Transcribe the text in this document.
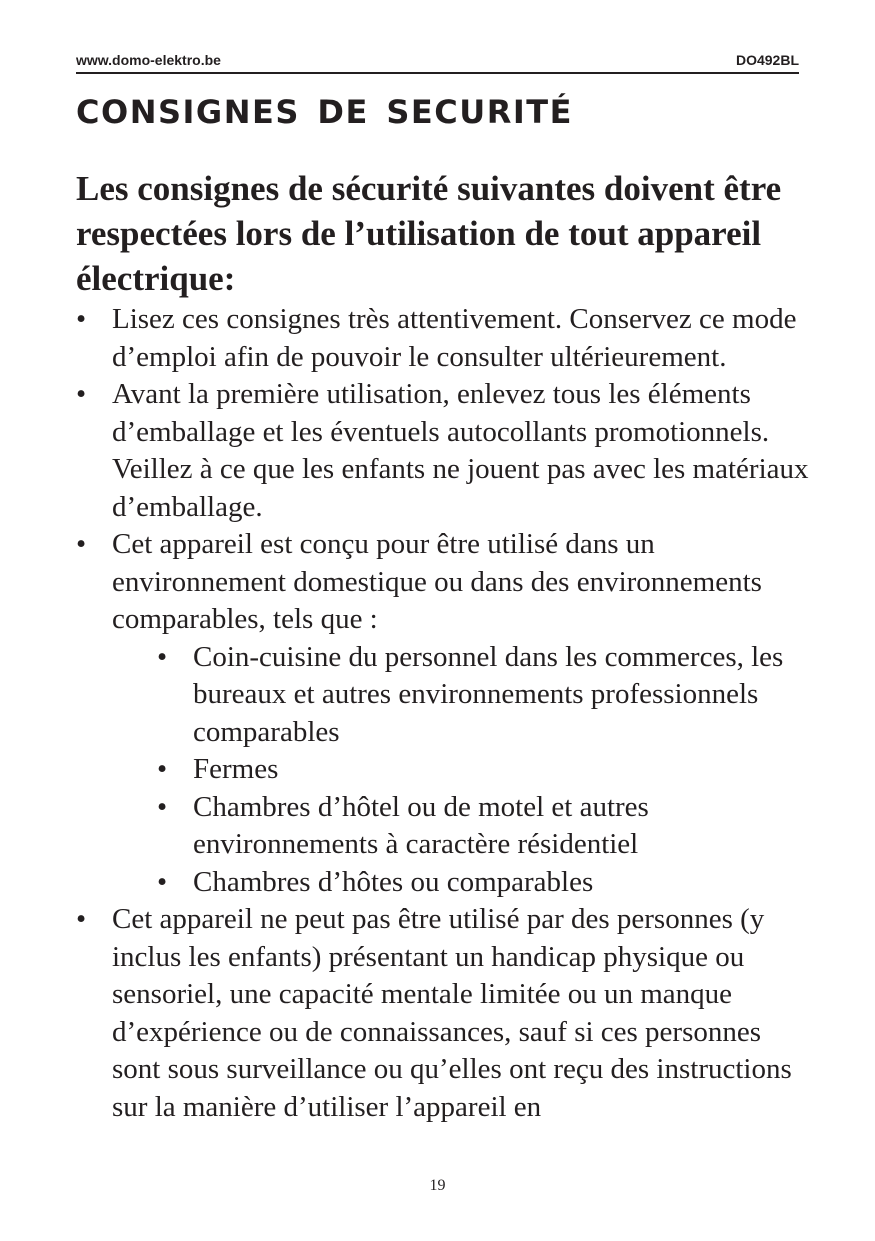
www.domo-elektro.be	DO492BL
consignes de securité

Les consignes de sécurité suivantes doivent être respectées lors de l’utilisation de tout appareil électrique:

• Lisez ces consignes très attentivement. Conservez ce mode d’emploi afin de pouvoir le consulter ultérieurement.
• Avant la première utilisation, enlevez tous les éléments d’emballage et les éventuels autocollants promotionnels. Veillez à ce que les enfants ne jouent pas avec les matériaux d’emballage.
• Cet appareil est conçu pour être utilisé dans un environnement domestique ou dans des environnements comparables, tels que :
• Coin-cuisine du personnel dans les commerces, les bureaux et autres environnements professionnels comparables
• Fermes
• Chambres d’hôtel ou de motel et autres environnements à caractère résidentiel
• Chambres d’hôtes ou comparables
• Cet appareil ne peut pas être utilisé par des personnes (y inclus les enfants) présentant un handicap physique ou sensoriel, une capacité mentale limitée ou un manque d’expérience ou de connaissances, sauf si ces personnes sont sous surveillance ou qu’elles ont reçu des instructions sur la manière d’utiliser l’appareil en
19
